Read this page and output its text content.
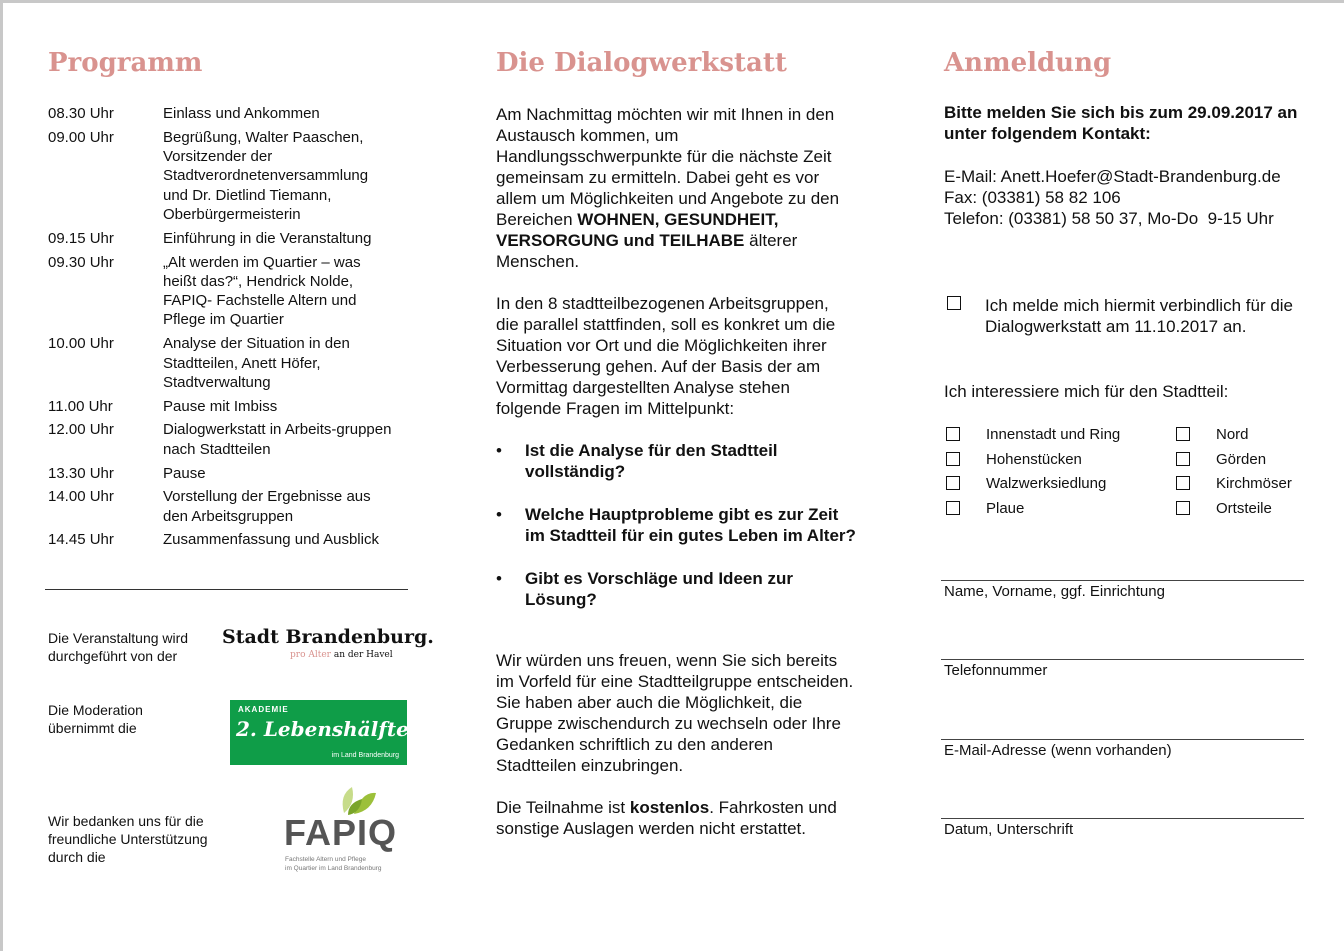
Programm
08.30 Uhr	Einlass und Ankommen
09.00 Uhr	Begrüßung, Walter Paaschen, Vorsitzender der Stadtverordnetenversammlung und Dr. Dietlind Tiemann, Oberbürgermeisterin
09.15 Uhr	Einführung in die Veranstaltung
09.30 Uhr	„Alt werden im Quartier – was heißt das?“, Hendrick Nolde, FAPIQ- Fachstelle Altern und Pflege im Quartier
10.00 Uhr	Analyse der Situation in den Stadtteilen, Anett Höfer, Stadtverwaltung
11.00 Uhr	Pause mit Imbiss
12.00 Uhr	Dialogwerkstatt in Arbeits-gruppen nach Stadtteilen
13.30 Uhr	Pause
14.00 Uhr	Vorstellung der Ergebnisse aus den Arbeitsgruppen
14.45 Uhr	Zusammenfassung und Ausblick
Die Veranstaltung wird durchgeführt von der
Stadt Brandenburg.
pro Alter an der Havel
Die Moderation übernimmt die
AKADEMIE
2. Lebenshälfte
im Land Brandenburg
Wir bedanken uns für die freundliche Unterstützung durch die
FAPIQ
Fachstelle Altern und Pflege
im Quartier im Land Brandenburg
Die Dialogwerkstatt

Am Nachmittag möchten wir mit Ihnen in den Austausch kommen, um Handlungsschwerpunkte für die nächste Zeit gemeinsam zu ermitteln. Dabei geht es vor allem um Möglichkeiten und Angebote zu den Bereichen WOHNEN, GESUNDHEIT, VERSORGUNG und TEILHABE älterer Menschen.

In den 8 stadtteilbezogenen Arbeitsgruppen, die parallel stattfinden, soll es konkret um die Situation vor Ort und die Möglichkeiten ihrer Verbesserung gehen. Auf der Basis der am Vormittag dargestellten Analyse stehen folgende Fragen im Mittelpunkt:

• Ist die Analyse für den Stadtteil vollständig?
• Welche Hauptprobleme gibt es zur Zeit im Stadtteil für ein gutes Leben im Alter?
• Gibt es Vorschläge und Ideen zur Lösung?

Wir würden uns freuen, wenn Sie sich bereits im Vorfeld für eine Stadtteilgruppe entscheiden. Sie haben aber auch die Möglichkeit, die Gruppe zwischendurch zu wechseln oder Ihre Gedanken schriftlich zu den anderen Stadtteilen einzubringen.

Die Teilnahme ist kostenlos. Fahrkosten und sonstige Auslagen werden nicht erstattet.

Anmeldung
Bitte melden Sie sich bis zum 29.09.2017 an unter folgendem Kontakt:
E-Mail: Anett.Hoefer@Stadt-Brandenburg.de
Fax: (03381) 58 82 106
Telefon: (03381) 58 50 37, Mo-Do  9-15 Uhr
Ich melde mich hiermit verbindlich für die Dialogwerkstatt am 11.10.2017 an.
Ich interessiere mich für den Stadtteil:
Innenstadt und Ring
Hohenstücken
Walzwerksiedlung
Plaue
Nord
Görden
Kirchmöser
Ortsteile
Name, Vorname, ggf. Einrichtung
Telefonnummer
E-Mail-Adresse (wenn vorhanden)
Datum, Unterschrift
